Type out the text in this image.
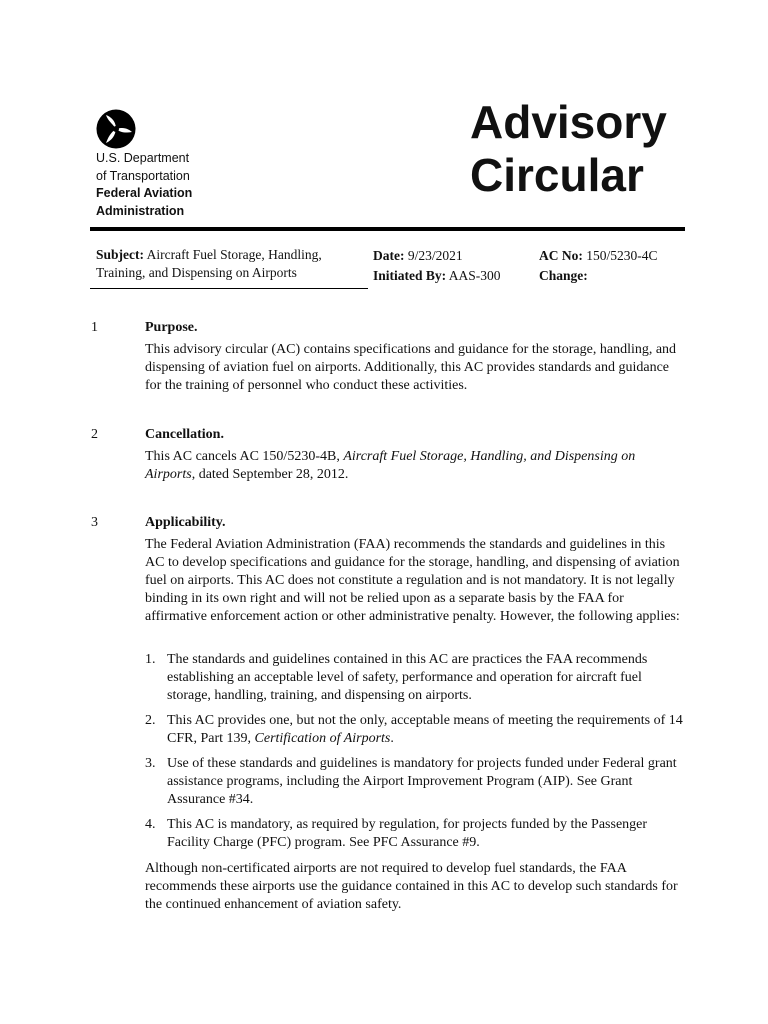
U.S. Department
of Transportation
Federal Aviation
Administration
Advisory
Circular
Subject: Aircraft Fuel Storage, Handling, Training, and Dispensing on Airports
Date: 9/23/2021
Initiated By: AAS-300
AC No: 150/5230-4C
Change:
1	Purpose.

This advisory circular (AC) contains specifications and guidance for the storage, handling, and dispensing of aviation fuel on airports. Additionally, this AC provides standards and guidance for the training of personnel who conduct these activities.

2	Cancellation.

This AC cancels AC 150/5230-4B, Aircraft Fuel Storage, Handling, and Dispensing on Airports, dated September 28, 2012.

3	Applicability.

The Federal Aviation Administration (FAA) recommends the standards and guidelines in this AC to develop specifications and guidance for the storage, handling, and dispensing of aviation fuel on airports. This AC does not constitute a regulation and is not mandatory. It is not legally binding in its own right and will not be relied upon as a separate basis by the FAA for affirmative enforcement action or other administrative penalty. However, the following applies:

1. The standards and guidelines contained in this AC are practices the FAA recommends establishing an acceptable level of safety, performance and operation for aircraft fuel storage, handling, training, and dispensing on airports.
2. This AC provides one, but not the only, acceptable means of meeting the requirements of 14 CFR, Part 139, Certification of Airports.
3. Use of these standards and guidelines is mandatory for projects funded under Federal grant assistance programs, including the Airport Improvement Program (AIP). See Grant Assurance #34.
4. This AC is mandatory, as required by regulation, for projects funded by the Passenger Facility Charge (PFC) program. See PFC Assurance #9.

Although non-certificated airports are not required to develop fuel standards, the FAA recommends these airports use the guidance contained in this AC to develop such standards for the continued enhancement of aviation safety.
